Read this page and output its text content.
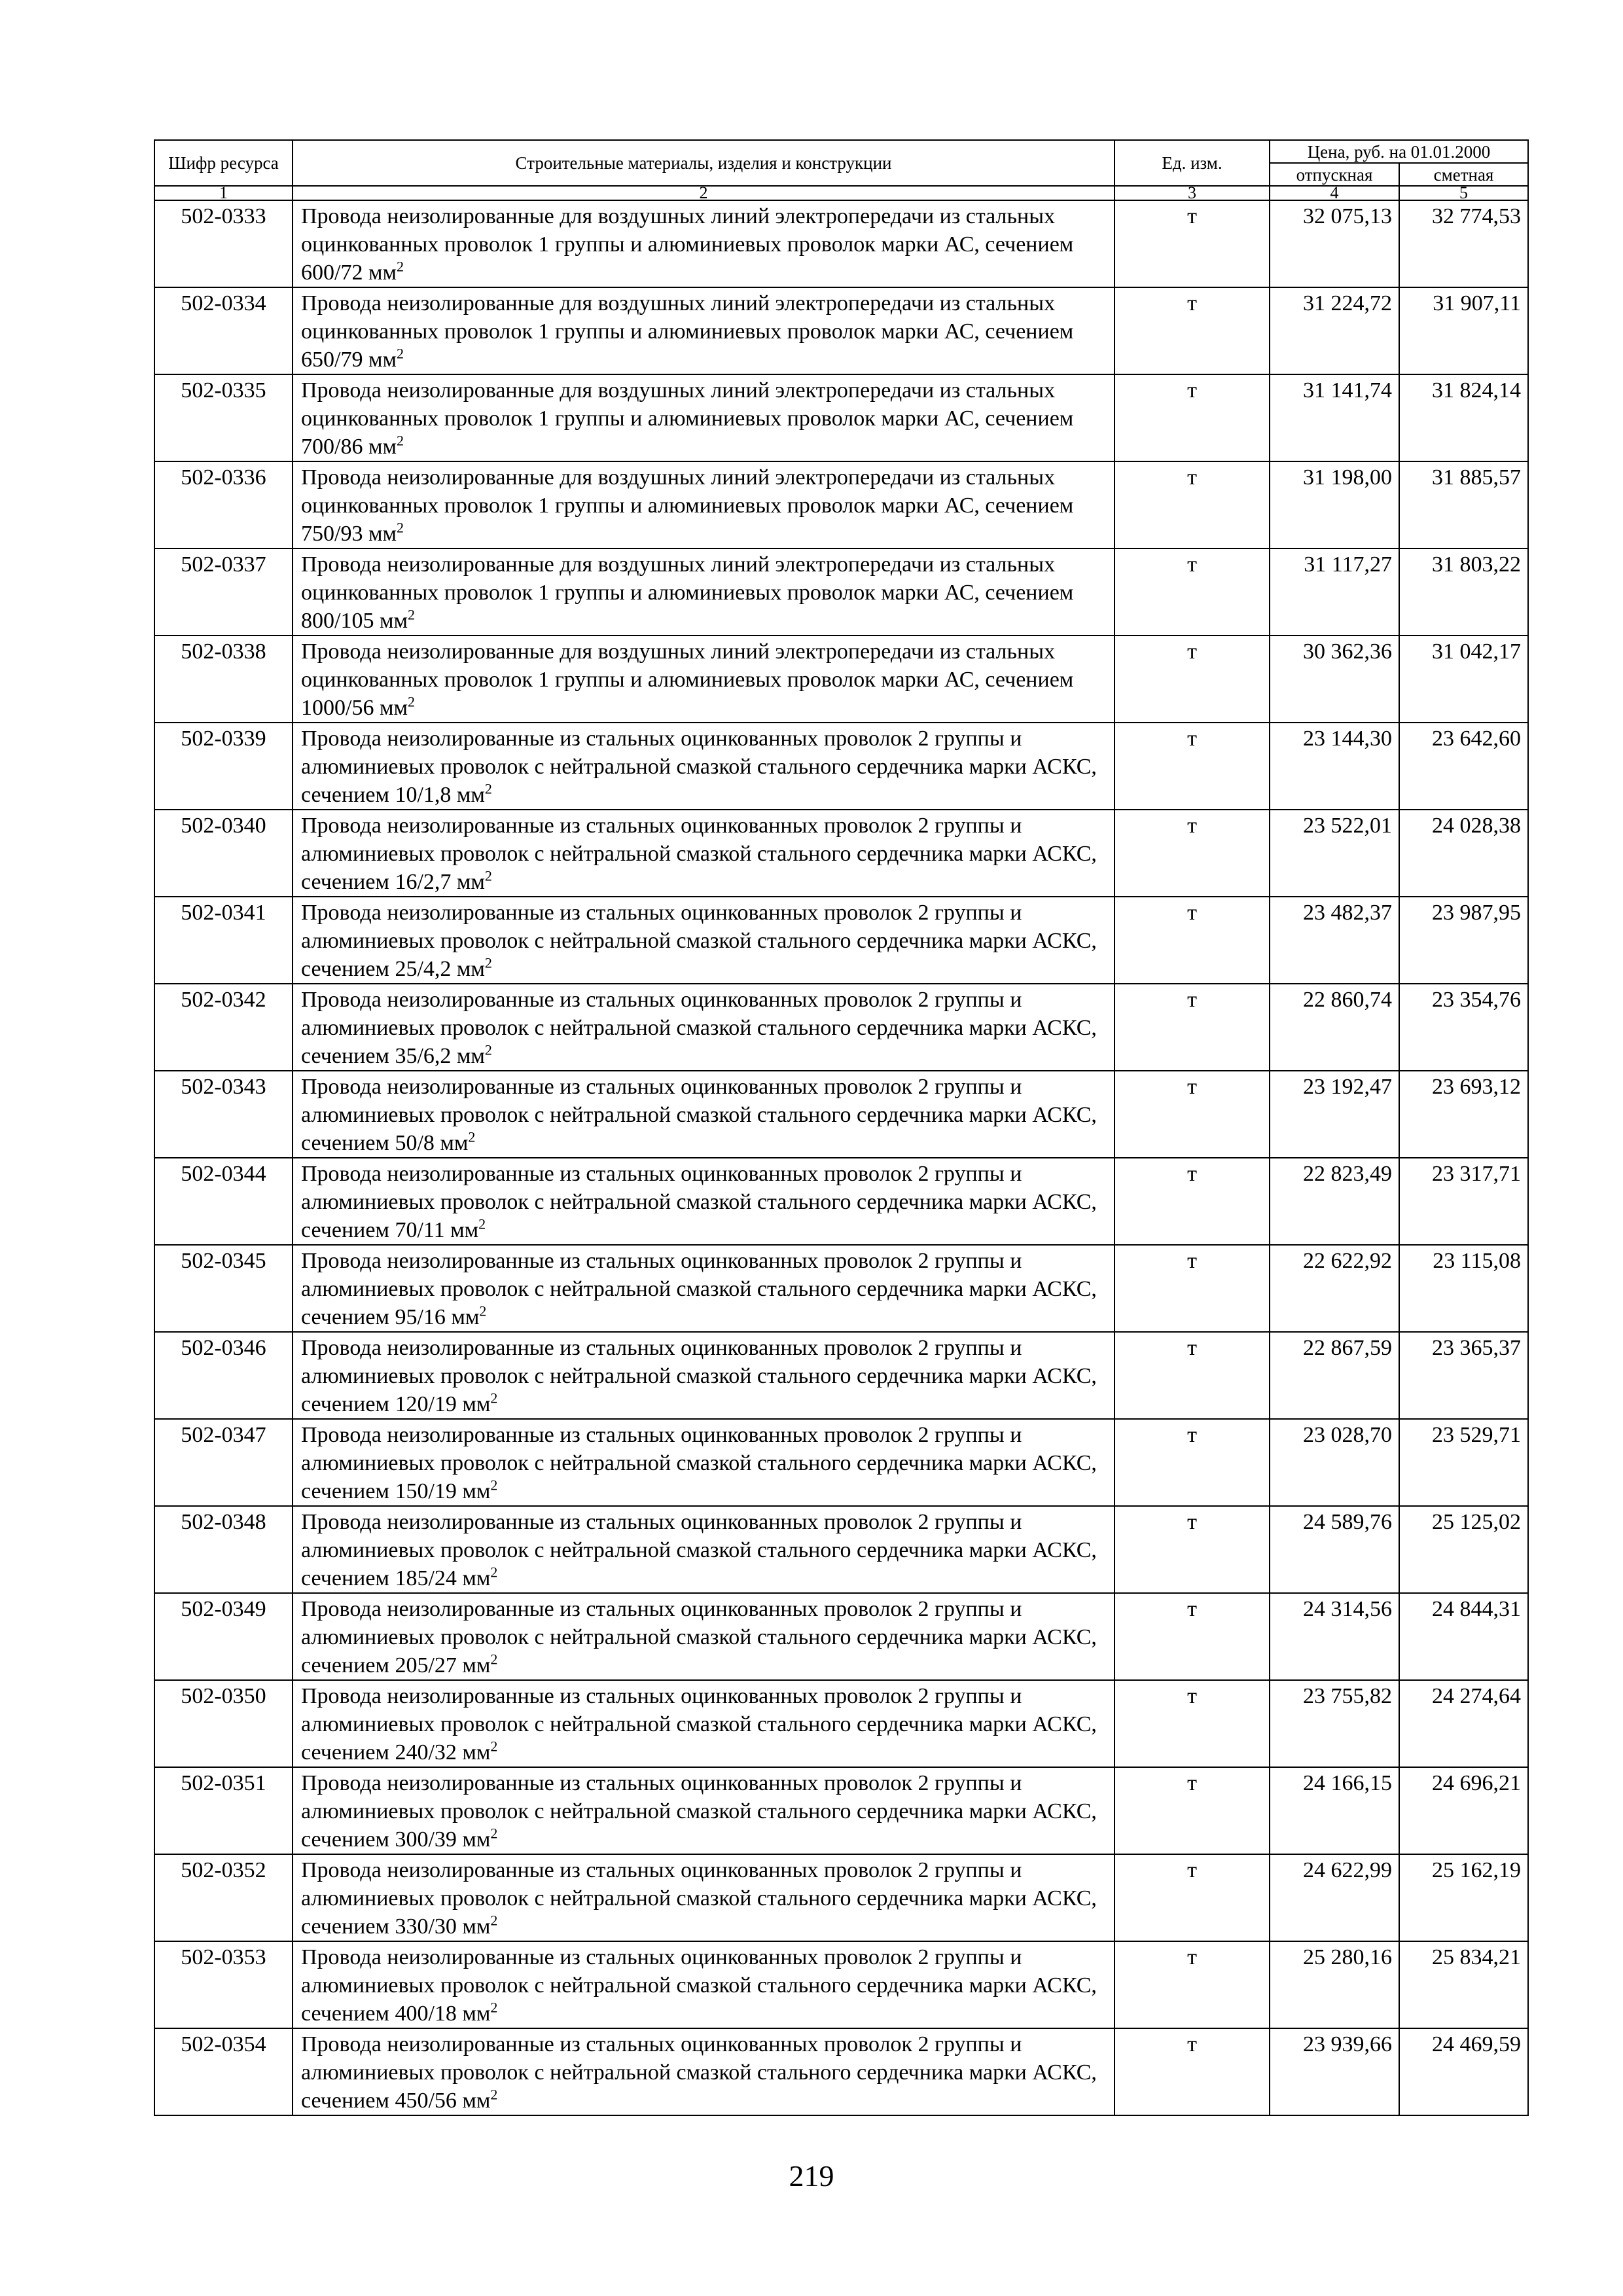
Шифр ресурса	Строительные материалы, изделия и конструкции	Ед. изм.	Цена, руб. на 01.01.2000	
			отпускная	сметная
1	2	3	4	5
502-0333	Провода неизолированные для воздушных линий электропередачи из стальных оцинкованных проволок 1 группы и алюминиевых проволок марки АС, сечением 600/72 $мм^2$	т	32 075,13	32 774,53
502-0334	Провода неизолированные для воздушных линий электропередачи из стальных оцинкованных проволок 1 группы и алюминиевых проволок марки АС, сечением 650/79 $мм^2$	т	31 224,72	31 907,11
502-0335	Провода неизолированные для воздушных линий электропередачи из стальных оцинкованных проволок 1 группы и алюминиевых проволок марки АС, сечением 700/86 $мм^2$	т	31 141,74	31 824,14
502-0336	Провода неизолированные для воздушных линий электропередачи из стальных оцинкованных проволок 1 группы и алюминиевых проволок марки АС, сечением 750/93 $мм^2$	т	31 198,00	31 885,57
502-0337	Провода неизолированные для воздушных линий электропередачи из стальных оцинкованных проволок 1 группы и алюминиевых проволок марки АС, сечением 800/105 $мм^2$	т	31 117,27	31 803,22
502-0338	Провода неизолированные для воздушных линий электропередачи из стальных оцинкованных проволок 1 группы и алюминиевых проволок марки АС, сечением 1000/56 $мм^2$	т	30 362,36	31 042,17
502-0339	Провода неизолированные из стальных оцинкованных проволок 2 группы и алюминиевых проволок с нейтральной смазкой стального сердечника марки АСКС, сечением 10/1,8 $мм^2$	т	23 144,30	23 642,60
502-0340	Провода неизолированные из стальных оцинкованных проволок 2 группы и алюминиевых проволок с нейтральной смазкой стального сердечника марки АСКС, сечением 16/2,7 $мм^2$	т	23 522,01	24 028,38
502-0341	Провода неизолированные из стальных оцинкованных проволок 2 группы и алюминиевых проволок с нейтральной смазкой стального сердечника марки АСКС, сечением 25/4,2 $мм^2$	т	23 482,37	23 987,95
502-0342	Провода неизолированные из стальных оцинкованных проволок 2 группы и алюминиевых проволок с нейтральной смазкой стального сердечника марки АСКС, сечением 35/6,2 $мм^2$	т	22 860,74	23 354,76
502-0343	Провода неизолированные из стальных оцинкованных проволок 2 группы и алюминиевых проволок с нейтральной смазкой стального сердечника марки АСКС, сечением 50/8 $мм^2$	т	23 192,47	23 693,12
502-0344	Провода неизолированные из стальных оцинкованных проволок 2 группы и алюминиевых проволок с нейтральной смазкой стального сердечника марки АСКС, сечением 70/11 $мм^2$	т	22 823,49	23 317,71
502-0345	Провода неизолированные из стальных оцинкованных проволок 2 группы и алюминиевых проволок с нейтральной смазкой стального сердечника марки АСКС, сечением 95/16 $мм^2$	т	22 622,92	23 115,08
502-0346	Провода неизолированные из стальных оцинкованных проволок 2 группы и алюминиевых проволок с нейтральной смазкой стального сердечника марки АСКС, сечением 120/19 $мм^2$	т	22 867,59	23 365,37
502-0347	Провода неизолированные из стальных оцинкованных проволок 2 группы и алюминиевых проволок с нейтральной смазкой стального сердечника марки АСКС, сечением 150/19 $мм^2$	т	23 028,70	23 529,71
502-0348	Провода неизолированные из стальных оцинкованных проволок 2 группы и алюминиевых проволок с нейтральной смазкой стального сердечника марки АСКС, сечением 185/24 $мм^2$	т	24 589,76	25 125,02
502-0349	Провода неизолированные из стальных оцинкованных проволок 2 группы и алюминиевых проволок с нейтральной смазкой стального сердечника марки АСКС, сечением 205/27 $мм^2$	т	24 314,56	24 844,31
502-0350	Провода неизолированные из стальных оцинкованных проволок 2 группы и алюминиевых проволок с нейтральной смазкой стального сердечника марки АСКС, сечением 240/32 $мм^2$	т	23 755,82	24 274,64
502-0351	Провода неизолированные из стальных оцинкованных проволок 2 группы и алюминиевых проволок с нейтральной смазкой стального сердечника марки АСКС, сечением 300/39 $мм^2$	т	24 166,15	24 696,21
502-0352	Провода неизолированные из стальных оцинкованных проволок 2 группы и алюминиевых проволок с нейтральной смазкой стального сердечника марки АСКС, сечением 330/30 $мм^2$	т	24 622,99	25 162,19
502-0353	Провода неизолированные из стальных оцинкованных проволок 2 группы и алюминиевых проволок с нейтральной смазкой стального сердечника марки АСКС, сечением 400/18 $мм^2$	т	25 280,16	25 834,21
502-0354	Провода неизолированные из стальных оцинкованных проволок 2 группы и алюминиевых проволок с нейтральной смазкой стального сердечника марки АСКС, сечением 450/56 $мм^2$	т	23 939,66	24 469,59
219
